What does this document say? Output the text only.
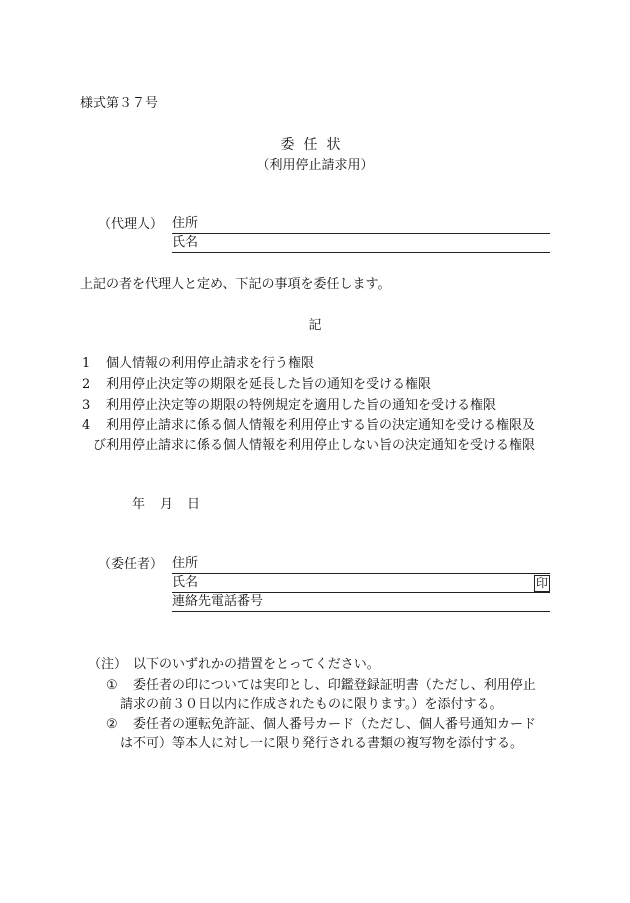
様式第３７号
委任状
（利用停止請求用）
（代理人） 住所
氏名
上記の者を代理人と定め、下記の事項を委任します。
記
1 個人情報の利用停止請求を行う権限
2 利用停止決定等の期限を延長した旨の通知を受ける権限
3 利用停止決定等の期限の特例規定を適用した旨の通知を受ける権限
4 利用停止請求に係る個人情報を利用停止する旨の決定通知を受ける権限及
び利用停止請求に係る個人情報を利用停止しない旨の決定通知を受ける権限
年 月 日
（委任者） 住所
氏名	印
連絡先電話番号
（注） 以下のいずれかの措置をとってください。
① 委任者の印については実印とし、印鑑登録証明書（ただし、利用停止
請求の前３０日以内に作成されたものに限ります。）を添付する。
② 委任者の運転免許証、個人番号カード（ただし、個人番号通知カード
は不可）等本人に対し一に限り発行される書類の複写物を添付する。
